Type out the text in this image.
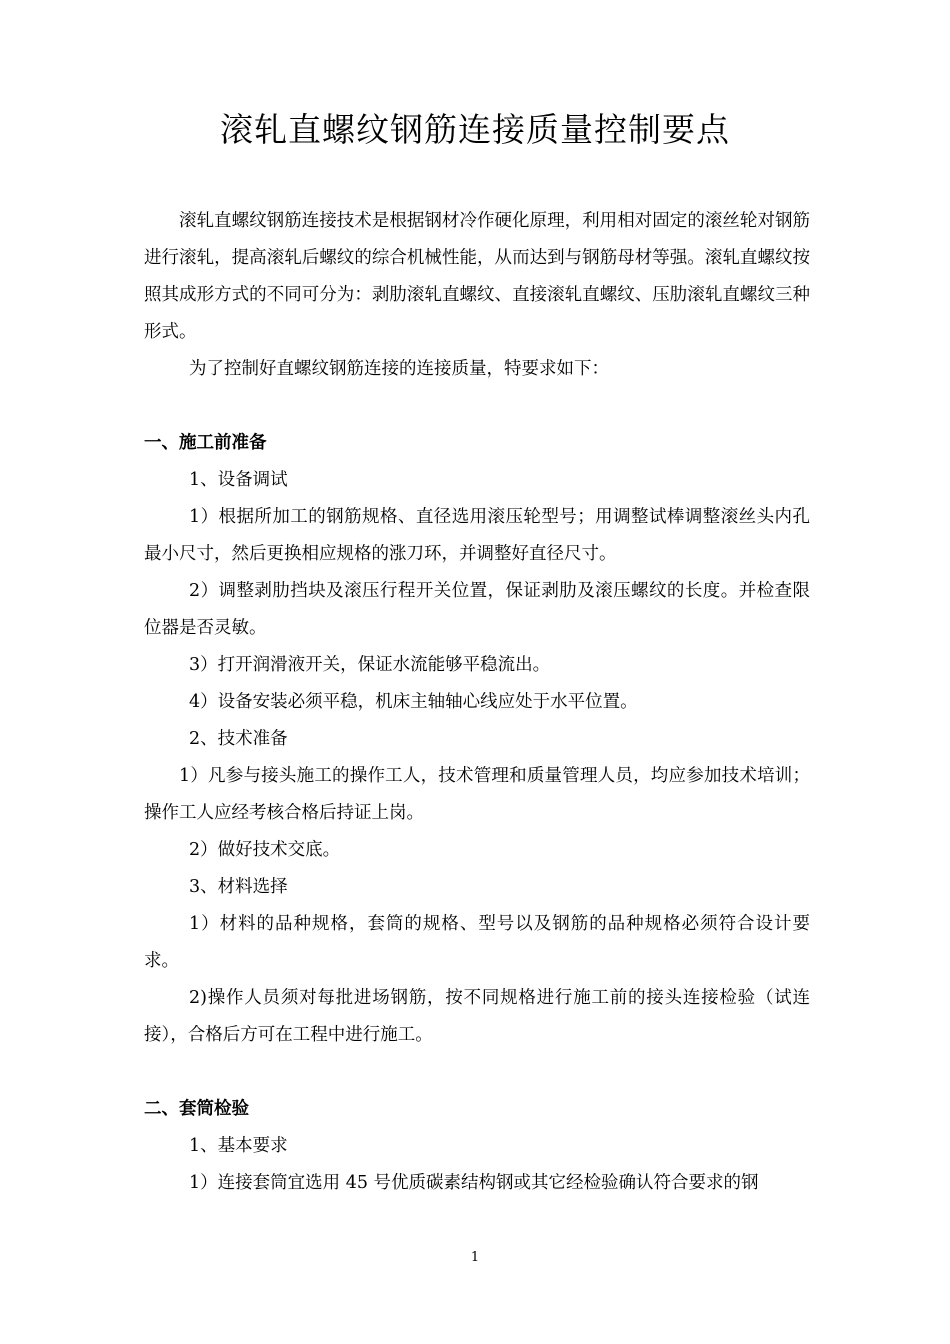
滚轧直螺纹钢筋连接质量控制要点
滚轧直螺纹钢筋连接技术是根据钢材冷作硬化原理，利用相对固定的滚丝轮对钢筋进行滚轧，提高滚轧后螺纹的综合机械性能，从而达到与钢筋母材等强。滚轧直螺纹按照其成形方式的不同可分为：剥肋滚轧直螺纹、直接滚轧直螺纹、压肋滚轧直螺纹三种形式。
为了控制好直螺纹钢筋连接的连接质量，特要求如下：
一、施工前准备
1、设备调试
1）根据所加工的钢筋规格、直径选用滚压轮型号；用调整试棒调整滚丝头内孔最小尺寸，然后更换相应规格的涨刀环，并调整好直径尺寸。
2）调整剥肋挡块及滚压行程开关位置，保证剥肋及滚压螺纹的长度。并检查限位器是否灵敏。
3）打开润滑液开关，保证水流能够平稳流出。
4）设备安装必须平稳，机床主轴轴心线应处于水平位置。
2、技术准备
1）凡参与接头施工的操作工人，技术管理和质量管理人员，均应参加技术培训；操作工人应经考核合格后持证上岗。
2）做好技术交底。
3、材料选择
1）材料的品种规格，套筒的规格、型号以及钢筋的品种规格必须符合设计要求。
2)操作人员须对每批进场钢筋，按不同规格进行施工前的接头连接检验（试连接），合格后方可在工程中进行施工。
二、套筒检验
1、基本要求
1）连接套筒宜选用 45 号优质碳素结构钢或其它经检验确认符合要求的钢
1
